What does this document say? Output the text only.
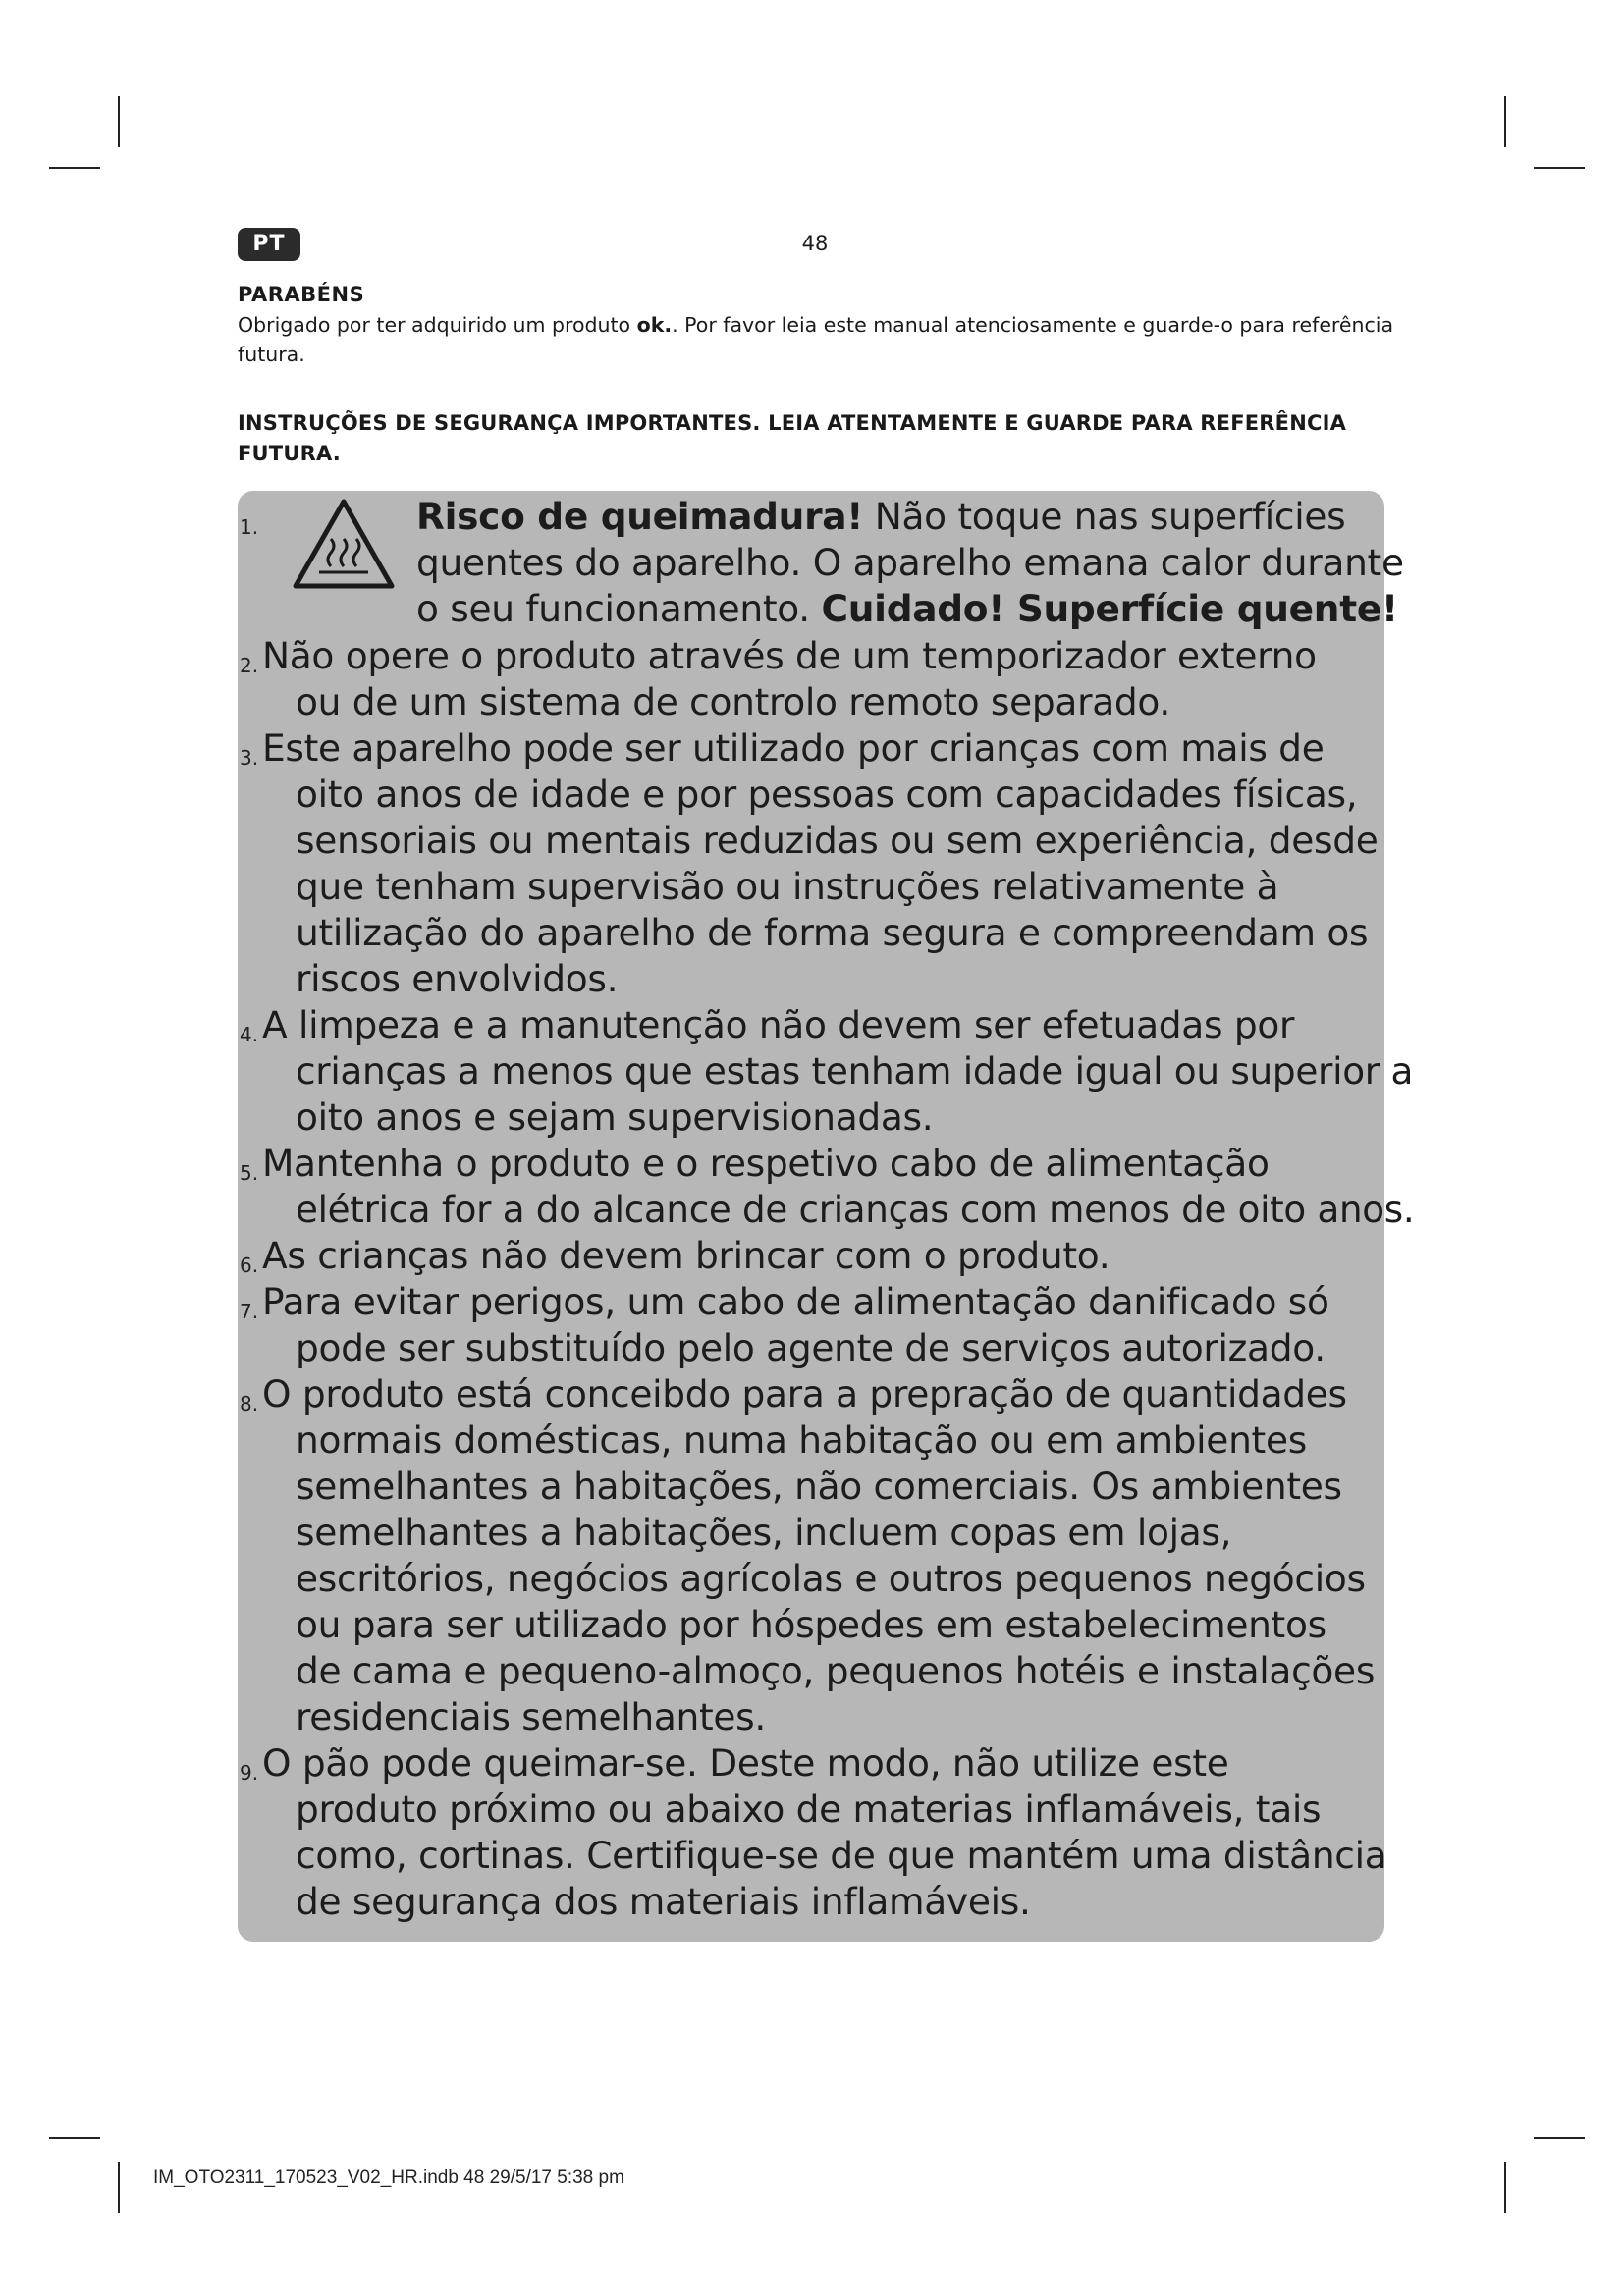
PT	48
PARABÉNS
Obrigado por ter adquirido um produto ok.. Por favor leia este manual atenciosamente e guarde-o para referência futura.
INSTRUÇÕES DE SEGURANÇA IMPORTANTES. LEIA ATENTAMENTE E GUARDE PARA REFERÊNCIA FUTURA.
1.	Risco de queimadura! Não toque nas superfícies
quentes do aparelho. O aparelho emana calor durante
o seu funcionamento. Cuidado! Superfície quente!
2. Não opere o produto através de um temporizador externo
ou de um sistema de controlo remoto separado.
3. Este aparelho pode ser utilizado por crianças com mais de
oito anos de idade e por pessoas com capacidades físicas,
sensoriais ou mentais reduzidas ou sem experiência, desde
que tenham supervisão ou instruções relativamente à
utilização do aparelho de forma segura e compreendam os
riscos envolvidos.
4. A limpeza e a manutenção não devem ser efetuadas por
crianças a menos que estas tenham idade igual ou superior a
oito anos e sejam supervisionadas.
5. Mantenha o produto e o respetivo cabo de alimentação
elétrica for a do alcance de crianças com menos de oito anos.
6. As crianças não devem brincar com o produto.
7. Para evitar perigos, um cabo de alimentação danificado só
pode ser substituído pelo agente de serviços autorizado.
8. O produto está conceibdo para a prepração de quantidades
normais domésticas, numa habitação ou em ambientes
semelhantes a habitações, não comerciais. Os ambientes
semelhantes a habitações, incluem copas em lojas,
escritórios, negócios agrícolas e outros pequenos negócios
ou para ser utilizado por hóspedes em estabelecimentos
de cama e pequeno-almoço, pequenos hotéis e instalações
residenciais semelhantes.
9. O pão pode queimar-se. Deste modo, não utilize este
produto próximo ou abaixo de materias inflamáveis, tais
como, cortinas. Certifique-se de que mantém uma distância
de segurança dos materiais inflamáveis.
IM_OTO2311_170523_V02_HR.indb 48 29/5/17 5:38 pm
